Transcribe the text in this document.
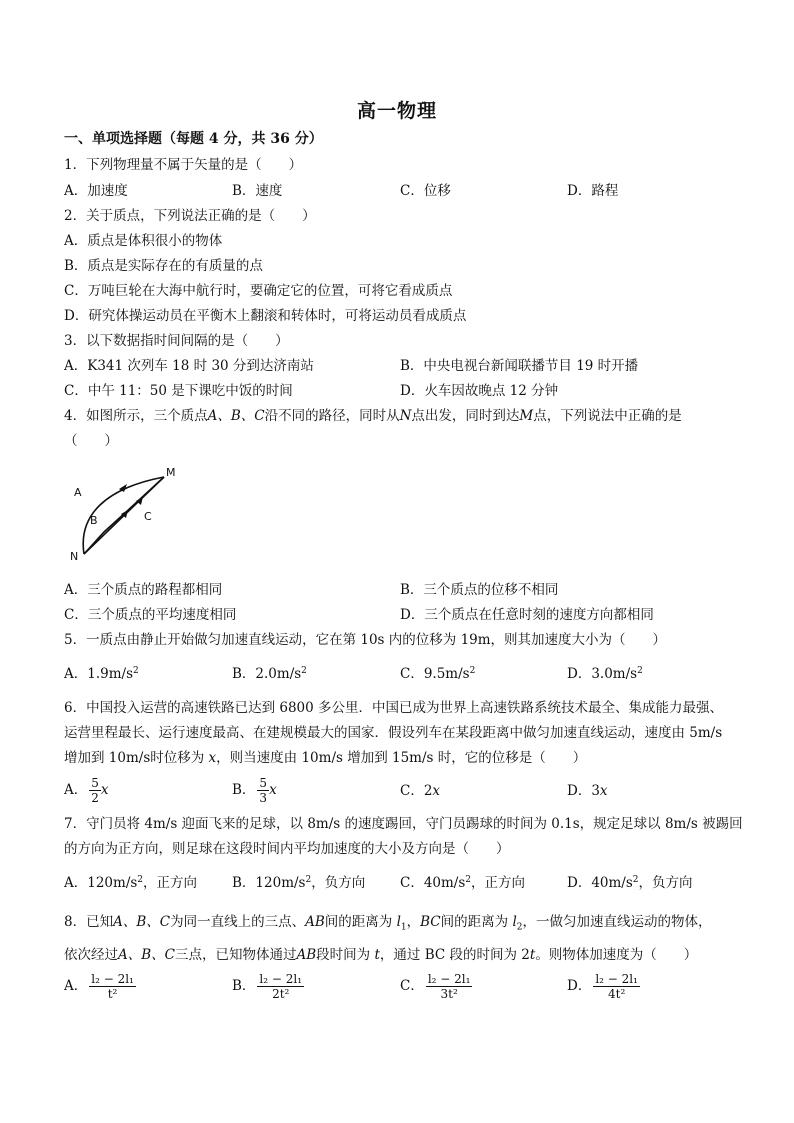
高一物理
一、单项选择题（每题 4 分，共 36 分）
1．下列物理量不属于矢量的是（　　）
A．加速度	B．速度	C．位移	D．路程
2．关于质点，下列说法正确的是（　　）
A．质点是体积很小的物体
B．质点是实际存在的有质量的点
C．万吨巨轮在大海中航行时，要确定它的位置，可将它看成质点
D．研究体操运动员在平衡木上翻滚和转体时，可将运动员看成质点
3．以下数据指时间间隔的是（　　）
A．K341 次列车 18 时 30 分到达济南站	B．中央电视台新闻联播节目 19 时开播
C．中午 11：50 是下课吃中饭的时间	D．火车因故晚点 12 分钟
4．如图所示，三个质点A、B、C沿不同的路径，同时从N点出发，同时到达M点，下列说法中正确的是
（　　）
A
B	C
M
N
A．三个质点的路程都相同	B．三个质点的位移不相同
C．三个质点的平均速度相同	D．三个质点在任意时刻的速度方向都相同
5．一质点由静止开始做匀加速直线运动，它在第 10s 内的位移为 19m，则其加速度大小为（　　）
A．$1.9m/s^2$	B．$2.0m/s^2$	C．$9.5m/s^2$	D．$3.0m/s^2$
6．中国投入运营的高速铁路已达到 6800 多公里．中国已成为世界上高速铁路系统技术最全、集成能力最强、
运营里程最长、运行速度最高、在建规模最大的国家．假设列车在某段距离中做匀加速直线运动，速度由 5m/s
增加到 10m/s时位移为 x，则当速度由 10m/s 增加到 15m/s 时，它的位移是（　　）
A． $\frac{5}{2}$ x	B． $\frac{5}{3}$ x	C．2x	D．3x
7．守门员将 4m/s 迎面飞来的足球，以 8m/s 的速度踢回，守门员踢球的时间为 0.1s，规定足球以 8m/s 被踢回
的方向为正方向，则足球在这段时间内平均加速度的大小及方向是（　　）
A．$120m/s^2$，正方向	B．$120m/s^2$，负方向	C．$40m/s^2$，正方向	D．$40m/s^2$，负方向
8．已知A、B、C为同一直线上的三点、AB间的距离为 $l_1$，BC间的距离为 $l_2$，一做匀加速直线运动的物体，
依次经过A、B、C三点，已知物体通过AB段时间为 t，通过 BC 段的时间为 2t。则物体加速度为（　　）
A． $\frac{\text{l₂ − 2l₁}}{\text{t²}}$	B． $\frac{\text{l₂ − 2l₁}}{\text{2t²}}$	C． $\frac{\text{l₂ − 2l₁}}{\text{3t²}}$	D． $\frac{\text{l₂ − 2l₁}}{\text{4t²}}$
